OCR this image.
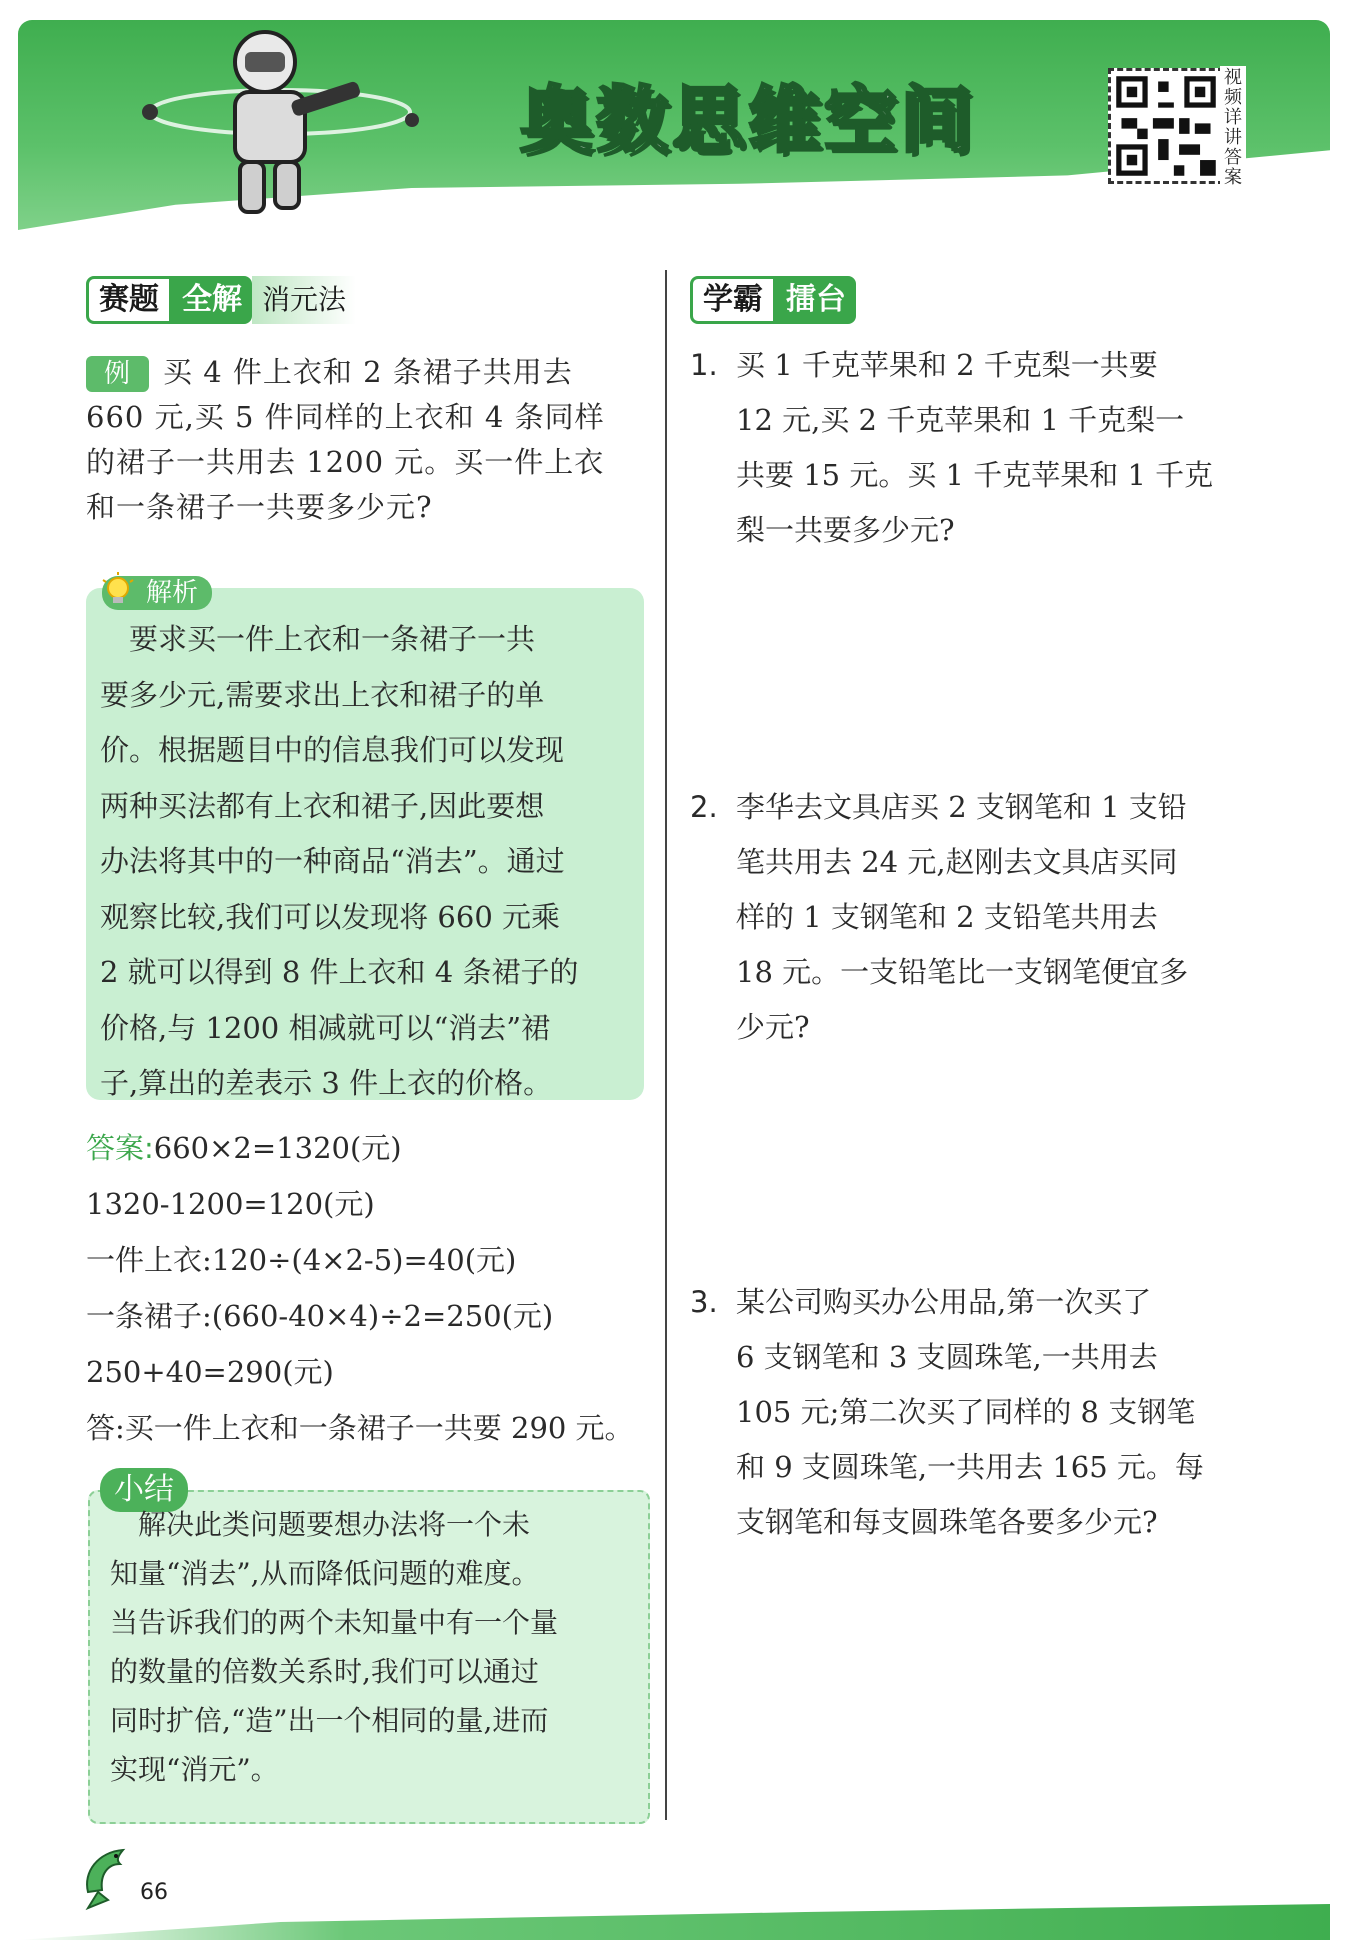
奥数思维空间
视频详讲答案
赛题 全解 消元法
例 买 4 件上衣和 2 条裙子共用去
660 元,买 5 件同样的上衣和 4 条同样
的裙子一共用去 1200 元。买一件上衣
和一条裙子一共要多少元?
解析
　要求买一件上衣和一条裙子一共
要多少元,需要求出上衣和裙子的单
价。根据题目中的信息我们可以发现
两种买法都有上衣和裙子,因此要想
办法将其中的一种商品“消去”。通过
观察比较,我们可以发现将 660 元乘
2 就可以得到 8 件上衣和 4 条裙子的
价格,与 1200 相减就可以“消去”裙
子,算出的差表示 3 件上衣的价格。
答案:660×2=1320(元)
1320-1200=120(元)
一件上衣:120÷(4×2-5)=40(元)
一条裙子:(660-40×4)÷2=250(元)
250+40=290(元)
答:买一件上衣和一条裙子一共要 290 元。
小结
　解决此类问题要想办法将一个未
知量“消去”,从而降低问题的难度。
当告诉我们的两个未知量中有一个量
的数量的倍数关系时,我们可以通过
同时扩倍,“造”出一个相同的量,进而
实现“消元”。
学霸 擂台
1. 买 1 千克苹果和 2 千克梨一共要
12 元,买 2 千克苹果和 1 千克梨一
共要 15 元。买 1 千克苹果和 1 千克
梨一共要多少元?
2. 李华去文具店买 2 支钢笔和 1 支铅
笔共用去 24 元,赵刚去文具店买同
样的 1 支钢笔和 2 支铅笔共用去
18 元。一支铅笔比一支钢笔便宜多
少元?
3. 某公司购买办公用品,第一次买了
6 支钢笔和 3 支圆珠笔,一共用去
105 元;第二次买了同样的 8 支钢笔
和 9 支圆珠笔,一共用去 165 元。每
支钢笔和每支圆珠笔各要多少元?
66
